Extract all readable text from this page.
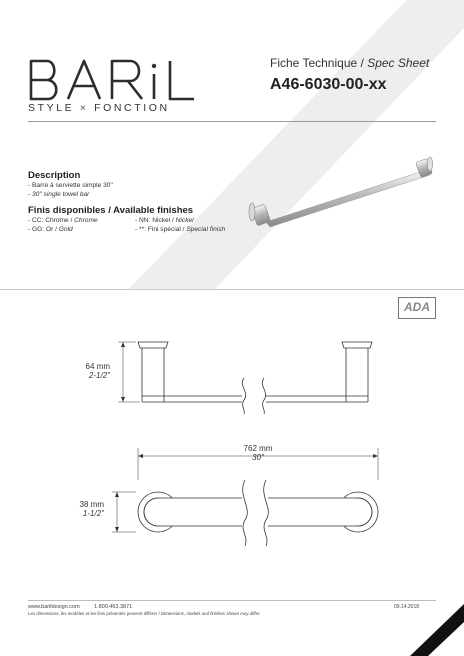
STYLE × FONCTION
Fiche Technique / Spec Sheet
A46-6030-00-xx
Description
- Barre à serviette simple 30"
- 30" single towel bar
Finis disponibles / Available finishes
- CC: Chrome / Chrome
- GG: Or / Gold
- NN: Nickel / Nickel
- **: Fini spécial / Special finish
ADA
64 mm
2-1/2"
762 mm
30"
38 mm
1-1/2"
www.barildesign.com	1.800.463.3871	09.14.2018
Les dimensions, les modèles et les finis présentés peuvent différer / Dimensions, models and finishes shown may differ.
